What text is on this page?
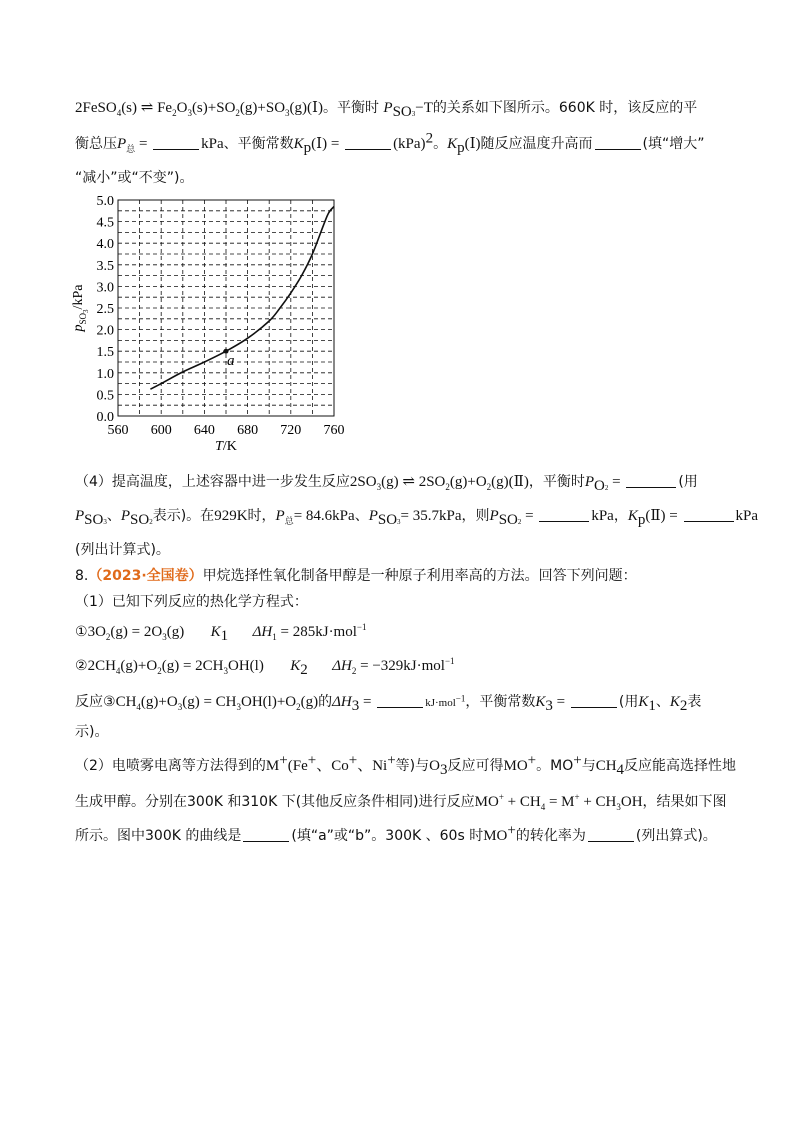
2FeSO$_4$(s) ⇌ $Fe_2O_3(s)+SO_2(g)+SO_3(g)(Ⅰ)$。平衡时 $P_{SO3}-T$的关系如下图所示。660K 时，该反应的平
衡总压$P_总$ =	kPa、平衡常数$K_p(Ⅰ)$ =	(kPa)$^2$。$K_p(Ⅰ)$随反应温度升高而	(填“增大”
“减小”或“不变”)。
0.0
0.5
1.0
1.5
2.0
2.5
3.0
3.5
4.0
4.5
5.0
560 600 640 680 720 760
a
T/K
$p_{SO}3$/kPa
（4）提高温度，上述容器中进一步发生反应$2SO_3(g)$ ⇌ $2SO_2(g)+O_2(g)(Ⅱ)$，平衡时$P_{O2}$ =	(用
$P_{SO3}$、$P_{SO2}$表示)。在929K时，$P_总= 84.6kPa$、$P_{SO3}= 35.7kPa$，则$P_{SO2}$ =	kPa，$K_p(Ⅱ)$ =	kPa
(列出计算式)。
8.（2023·全国卷）甲烷选择性氧化制备甲醇是一种原子利用率高的方法。回答下列问题：
（1）已知下列反应的热化学方程式：
$①3O_2(g) = 2O_3(g)$ $K_1$ $\Delta H_1 = 285kJ\cdot mol^{-1}$
$②2CH_4(g)+O_2(g) = 2CH_3OH(l)$ $K_2$ $\Delta H_2 = -329kJ\cdot mol^{-1}$
反应$③CH_4(g)+O_3(g) = CH_3OH(l)+O_2(g)$的$\Delta H_3$ =	kJ·mol$^{-1}$，平衡常数$K_3$ =	(用$K_1$、$K_2$表
示)。
（2）电喷雾电离等方法得到的M+(Fe+、Co+、Ni+等)与$O_3$反应可得MO+。MO+与$CH_4$反应能高选择性地
生成甲醇。分别在300K 和310K 下(其他反应条件相同)进行反应$MO^+ + CH_4 = M^+ + CH_3OH$，结果如下图
所示。图中300K 的曲线是	(填“a”或“b”。300K 、60s 时MO+的转化率为	(列出算式)。
